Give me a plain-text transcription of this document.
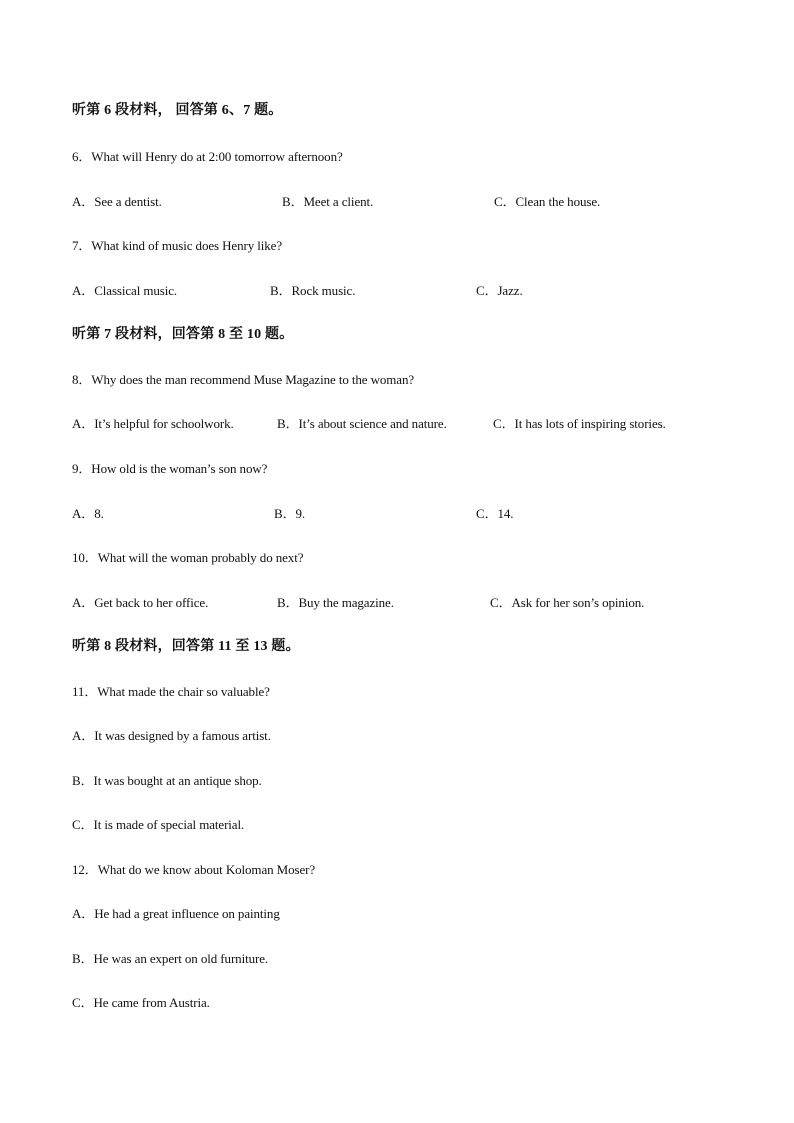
听第 6 段材料， 回答第 6、7 题。
6．What will Henry do at 2:00 tomorrow afternoon?
A．See a dentist.	B．Meet a client.	C．Clean the house.
7．What kind of music does Henry like?
A．Classical music.	B．Rock music.	C．Jazz.
听第 7 段材料，回答第 8 至 10 题。
8．Why does the man recommend Muse Magazine to the woman?
A．It’s helpful for schoolwork.	B．It’s about science and nature.	C．It has lots of inspiring stories.
9．How old is the woman’s son now?
A．8.	B．9.	C．14.
10．What will the woman probably do next?
A．Get back to her office.	B．Buy the magazine.	C．Ask for her son’s opinion.
听第 8 段材料，回答第 11 至 13 题。
11．What made the chair so valuable?
A．It was designed by a famous artist.
B．It was bought at an antique shop.
C．It is made of special material.
12．What do we know about Koloman Moser?
A．He had a great influence on painting
B．He was an expert on old furniture.
C．He came from Austria.
